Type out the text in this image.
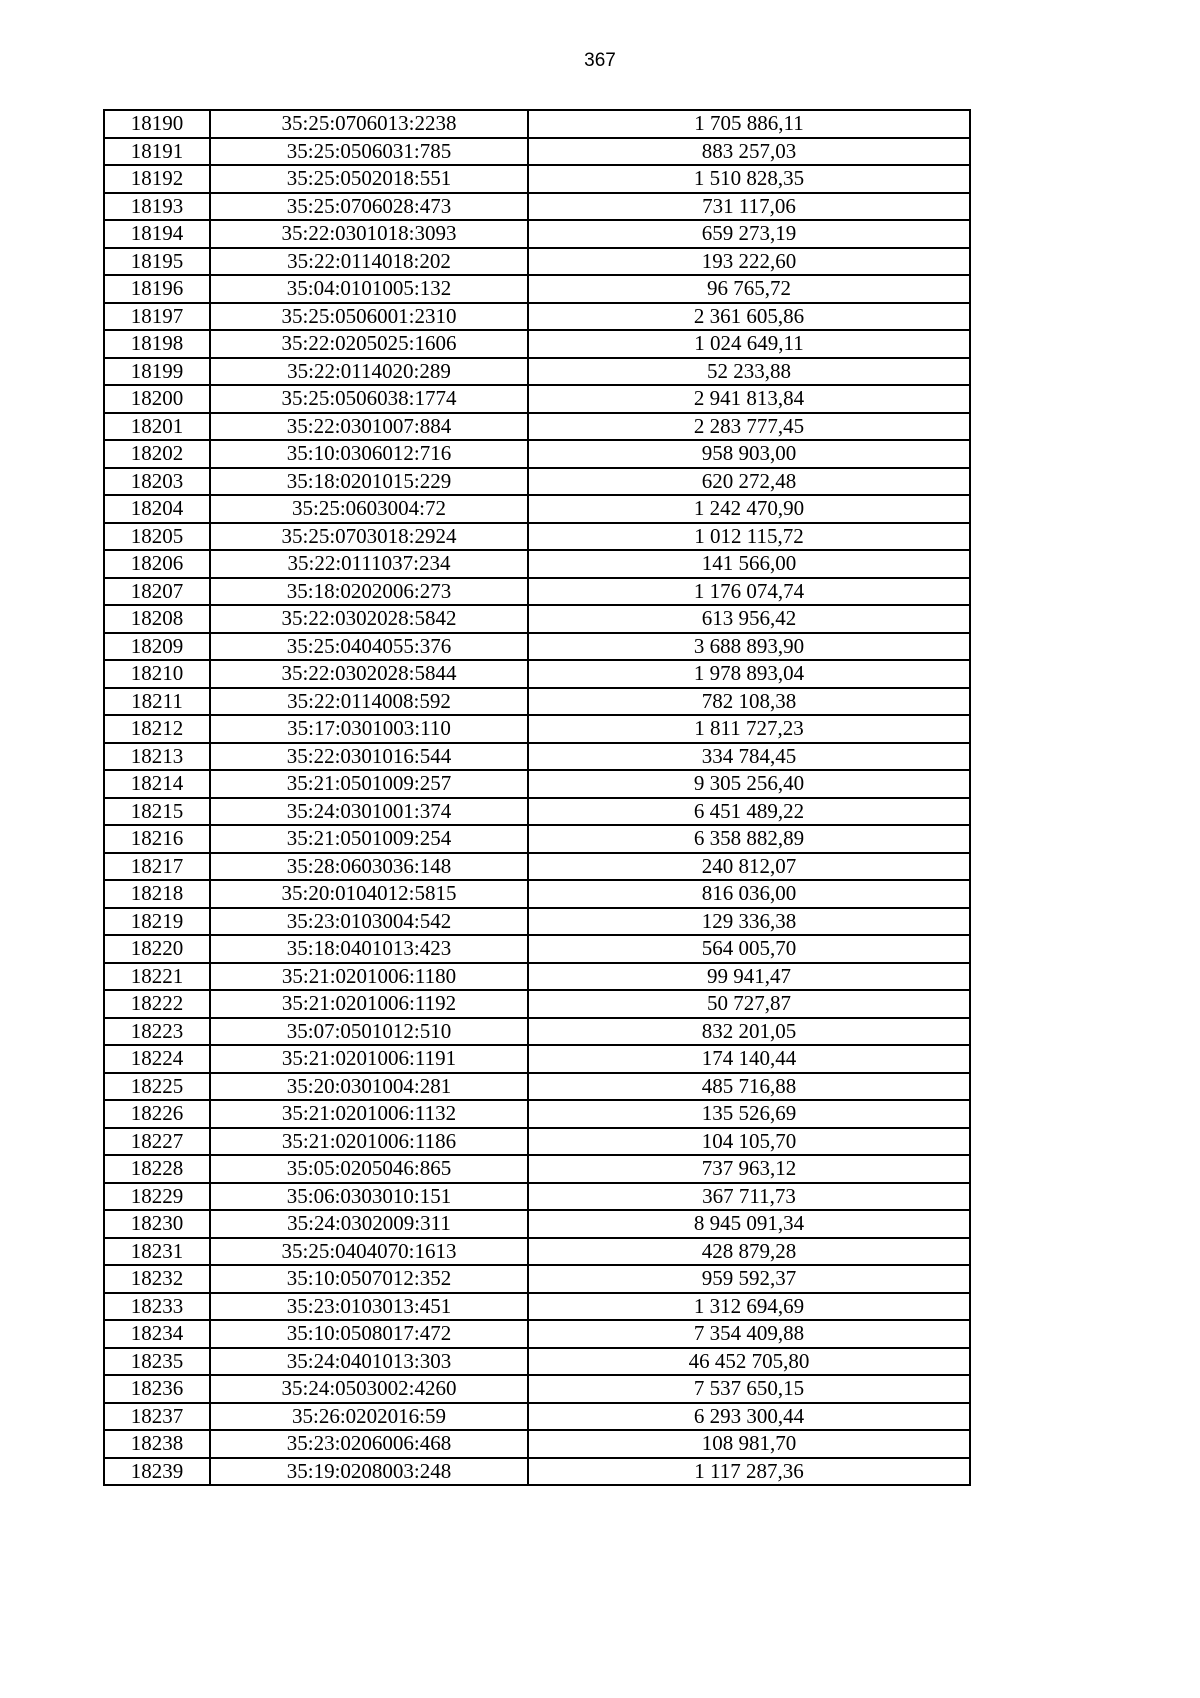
367
18190	35:25:0706013:2238	1 705 886,11
18191	35:25:0506031:785	883 257,03
18192	35:25:0502018:551	1 510 828,35
18193	35:25:0706028:473	731 117,06
18194	35:22:0301018:3093	659 273,19
18195	35:22:0114018:202	193 222,60
18196	35:04:0101005:132	96 765,72
18197	35:25:0506001:2310	2 361 605,86
18198	35:22:0205025:1606	1 024 649,11
18199	35:22:0114020:289	52 233,88
18200	35:25:0506038:1774	2 941 813,84
18201	35:22:0301007:884	2 283 777,45
18202	35:10:0306012:716	958 903,00
18203	35:18:0201015:229	620 272,48
18204	35:25:0603004:72	1 242 470,90
18205	35:25:0703018:2924	1 012 115,72
18206	35:22:0111037:234	141 566,00
18207	35:18:0202006:273	1 176 074,74
18208	35:22:0302028:5842	613 956,42
18209	35:25:0404055:376	3 688 893,90
18210	35:22:0302028:5844	1 978 893,04
18211	35:22:0114008:592	782 108,38
18212	35:17:0301003:110	1 811 727,23
18213	35:22:0301016:544	334 784,45
18214	35:21:0501009:257	9 305 256,40
18215	35:24:0301001:374	6 451 489,22
18216	35:21:0501009:254	6 358 882,89
18217	35:28:0603036:148	240 812,07
18218	35:20:0104012:5815	816 036,00
18219	35:23:0103004:542	129 336,38
18220	35:18:0401013:423	564 005,70
18221	35:21:0201006:1180	99 941,47
18222	35:21:0201006:1192	50 727,87
18223	35:07:0501012:510	832 201,05
18224	35:21:0201006:1191	174 140,44
18225	35:20:0301004:281	485 716,88
18226	35:21:0201006:1132	135 526,69
18227	35:21:0201006:1186	104 105,70
18228	35:05:0205046:865	737 963,12
18229	35:06:0303010:151	367 711,73
18230	35:24:0302009:311	8 945 091,34
18231	35:25:0404070:1613	428 879,28
18232	35:10:0507012:352	959 592,37
18233	35:23:0103013:451	1 312 694,69
18234	35:10:0508017:472	7 354 409,88
18235	35:24:0401013:303	46 452 705,80
18236	35:24:0503002:4260	7 537 650,15
18237	35:26:0202016:59	6 293 300,44
18238	35:23:0206006:468	108 981,70
18239	35:19:0208003:248	1 117 287,36
